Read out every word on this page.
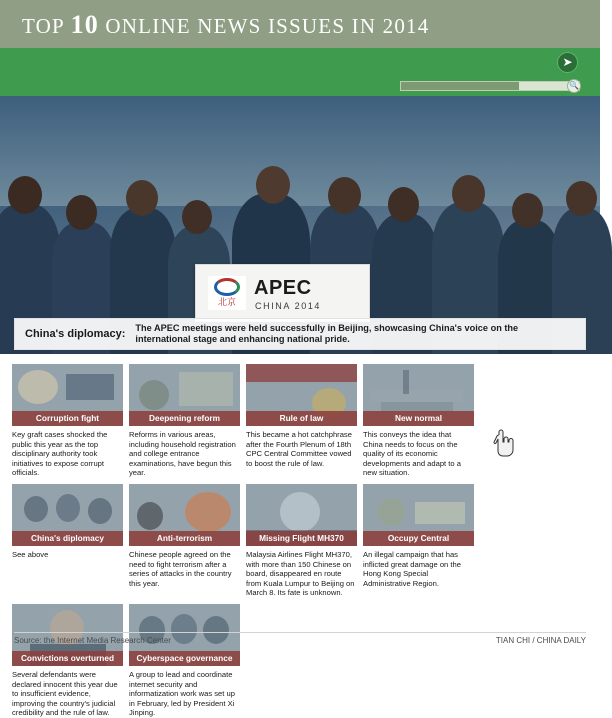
TOP 10 ONLINE NEWS ISSUES IN 2014
➤
🔍
北京
APEC
CHINA 2014
China's diplomacy:
The APEC meetings were held successfully in Beijing, showcasing China's voice on the international stage and enhancing national pride.
Corruption fight
Key graft cases shocked the public this year as the top disciplinary authority took initiatives to expose corrupt officials.
Deepening reform
Reforms in various areas, including household registration and college entrance examinations, have begun this year.
Rule of law
This became a hot catchphrase after the Fourth Plenum of 18th CPC Central Committee vowed to boost the rule of law.
New normal
This conveys the idea that China needs to focus on the quality of its economic developments and adapt to a new situation.
China's diplomacy
See above
Anti-terrorism
Chinese people agreed on the need to fight terrorism after a series of attacks in the country this year.
Missing Flight MH370
Malaysia Airlines Flight MH370, with more than 150 Chinese on board, disappeared en route from Kuala Lumpur to Beijing on March 8. Its fate is unknown.
Occupy Central
An illegal campaign that has inflicted great damage on the Hong Kong Special Administrative Region.
Convictions overturned
Several defendants were declared innocent this year due to insufficient evidence, improving the country's judicial credibility and the rule of law.
Cyberspace governance
A group to lead and coordinate internet security and informatization work was set up in February, led by President Xi Jinping.
Source: the Internet Media Research Center	TIAN CHI / CHINA DAILY
